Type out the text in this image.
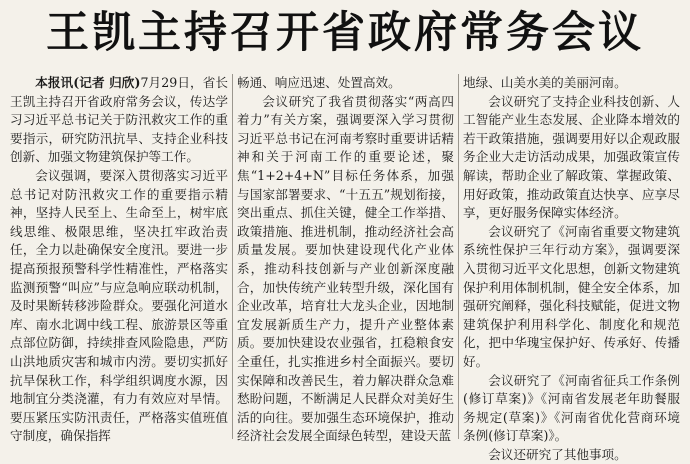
王凯主持召开省政府常务会议

本报讯(记者 归欣)7月29日，省长王凯主持召开省政府常务会议，传达学习习近平总书记关于防汛救灾工作的重要指示，研究防汛抗旱、支持企业科技创新、加强文物建筑保护等工作。

会议强调，要深入贯彻落实习近平总书记对防汛救灾工作的重要指示精神，坚持人民至上、生命至上，树牢底线思维、极限思维，坚决扛牢政治责任，全力以赴确保安全度汛。要进一步提高预报预警科学性精准性，严格落实监测预警“叫应”与应急响应联动机制，及时果断转移涉险群众。要强化河道水库、南水北调中线工程、旅游景区等重点部位防御，持续排查风险隐患，严防山洪地质灾害和城市内涝。要切实抓好抗旱保秋工作，科学组织调度水源，因地制宜分类浇灌，有力有效应对旱情。要压紧压实防汛责任，严格落实值班值守制度，确保指挥

畅通、响应迅速、处置高效。

会议研究了我省贯彻落实“两高四着力”有关方案，强调要深入学习贯彻习近平总书记在河南考察时重要讲话精神和关于河南工作的重要论述，聚焦“1+2+4+N”目标任务体系，加强与国家部署要求、“十五五”规划衔接，突出重点、抓住关键，健全工作举措、政策措施、推进机制，推动经济社会高质量发展。要加快建设现代化产业体系，推动科技创新与产业创新深度融合，加快传统产业转型升级，深化国有企业改革，培育壮大龙头企业，因地制宜发展新质生产力，提升产业整体素质。要加快建设农业强省，扛稳粮食安全重任，扎实推进乡村全面振兴。要切实保障和改善民生，着力解决群众急难愁盼问题，不断满足人民群众对美好生活的向往。要加强生态环境保护，推动经济社会发展全面绿色转型，建设天蓝

地绿、山美水美的美丽河南。

会议研究了支持企业科技创新、人工智能产业生态发展、企业降本增效的若干政策措施，强调要用好以企观政服务企业大走访活动成果，加强政策宣传解读，帮助企业了解政策、掌握政策、用好政策，推动政策直达快享、应享尽享，更好服务保障实体经济。

会议研究了《河南省重要文物建筑系统性保护三年行动方案》，强调要深入贯彻习近平文化思想，创新文物建筑保护利用体制机制，健全安全体系，加强研究阐释，强化科技赋能，促进文物建筑保护利用科学化、制度化和规范化，把中华瑰宝保护好、传承好、传播好。

会议研究了《河南省征兵工作条例(修订草案)》《河南省发展老年助餐服务规定(草案)》《河南省优化营商环境条例(修订草案)》。

会议还研究了其他事项。
